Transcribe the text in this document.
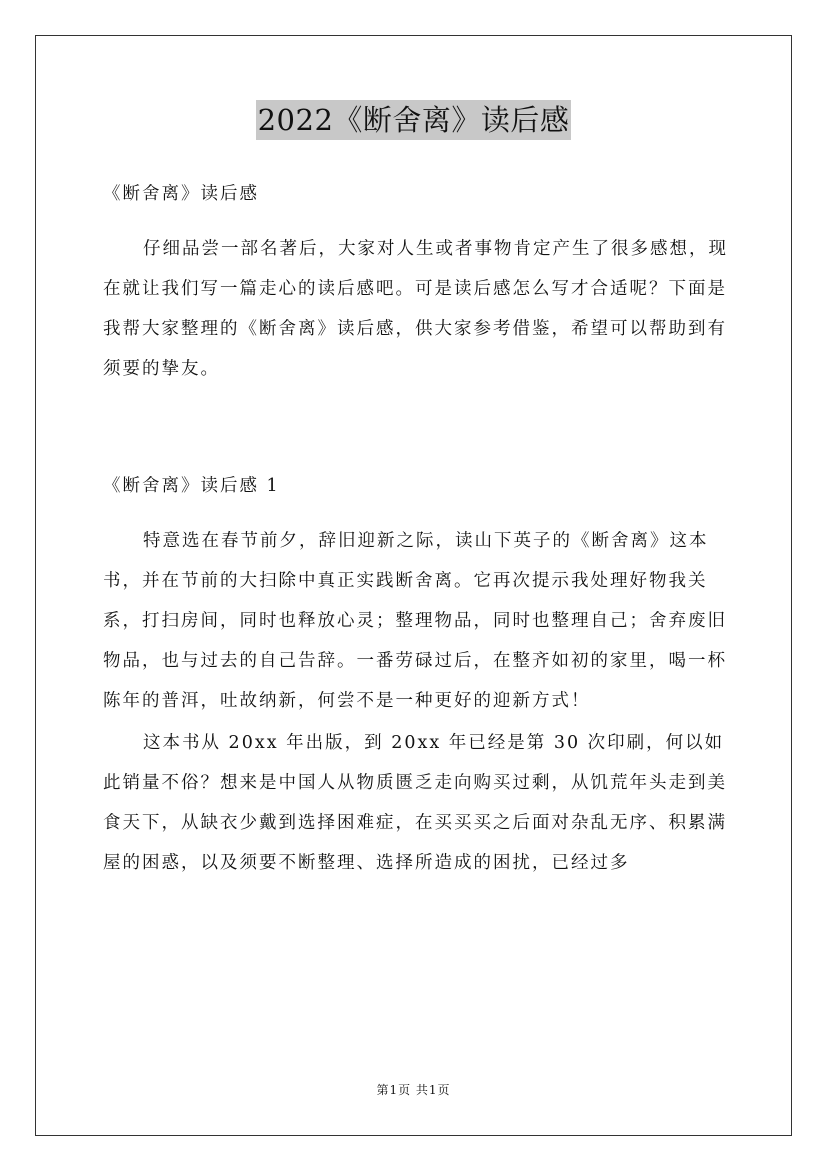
2022《断舍离》读后感

《断舍离》读后感

仔细品尝一部名著后，大家对人生或者事物肯定产生了很多感想，现在就让我们写一篇走心的读后感吧。可是读后感怎么写才合适呢？下面是我帮大家整理的《断舍离》读后感，供大家参考借鉴，希望可以帮助到有须要的挚友。

《断舍离》读后感 1

特意选在春节前夕，辞旧迎新之际，读山下英子的《断舍离》这本书，并在节前的大扫除中真正实践断舍离。它再次提示我处理好物我关系，打扫房间，同时也释放心灵；整理物品，同时也整理自己；舍弃废旧物品，也与过去的自己告辞。一番劳碌过后，在整齐如初的家里，喝一杯陈年的普洱，吐故纳新，何尝不是一种更好的迎新方式！

这本书从 20xx 年出版，到 20xx 年已经是第 30 次印刷，何以如此销量不俗？想来是中国人从物质匮乏走向购买过剩，从饥荒年头走到美食天下，从缺衣少戴到选择困难症，在买买买之后面对杂乱无序、积累满屋的困惑，以及须要不断整理、选择所造成的困扰，已经过多

第1页 共1页
